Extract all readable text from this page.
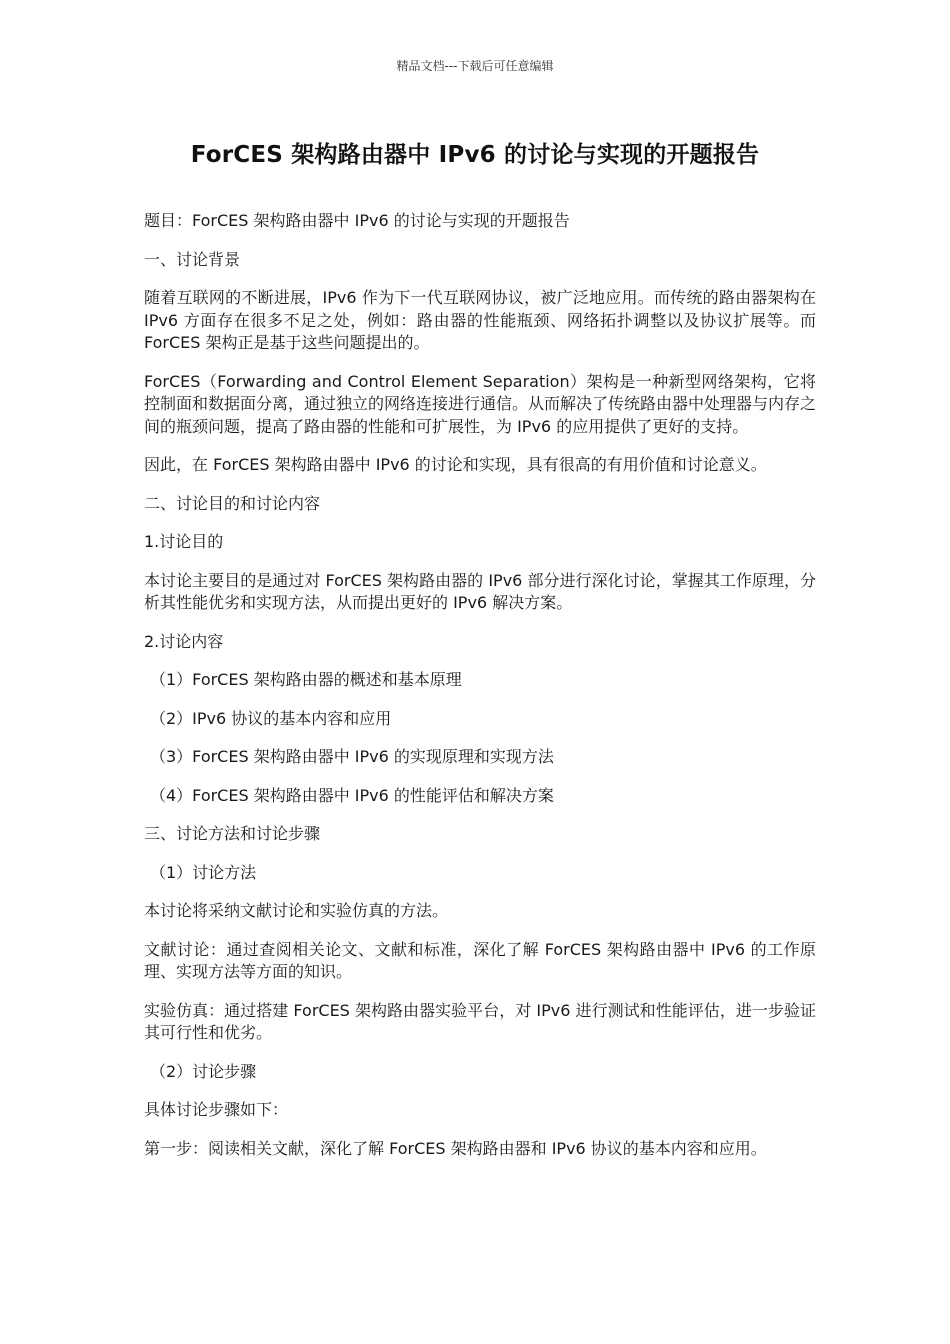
精品文档---下载后可任意编辑
ForCES 架构路由器中 IPv6 的讨论与实现的开题报告

题目：ForCES 架构路由器中 IPv6 的讨论与实现的开题报告

一、讨论背景

随着互联网的不断进展，IPv6 作为下一代互联网协议，被广泛地应用。而传统的路由器架构在 IPv6 方面存在很多不足之处，例如：路由器的性能瓶颈、网络拓扑调整以及协议扩展等。而 ForCES 架构正是基于这些问题提出的。

ForCES（Forwarding and Control Element Separation）架构是一种新型网络架构，它将控制面和数据面分离，通过独立的网络连接进行通信。从而解决了传统路由器中处理器与内存之间的瓶颈问题，提高了路由器的性能和可扩展性，为 IPv6 的应用提供了更好的支持。

因此，在 ForCES 架构路由器中 IPv6 的讨论和实现，具有很高的有用价值和讨论意义。

二、讨论目的和讨论内容

1.讨论目的

本讨论主要目的是通过对 ForCES 架构路由器的 IPv6 部分进行深化讨论，掌握其工作原理，分析其性能优劣和实现方法，从而提出更好的 IPv6 解决方案。

2.讨论内容

（1）ForCES 架构路由器的概述和基本原理

（2）IPv6 协议的基本内容和应用

（3）ForCES 架构路由器中 IPv6 的实现原理和实现方法

（4）ForCES 架构路由器中 IPv6 的性能评估和解决方案

三、讨论方法和讨论步骤

（1）讨论方法

本讨论将采纳文献讨论和实验仿真的方法。

文献讨论：通过查阅相关论文、文献和标准，深化了解 ForCES 架构路由器中 IPv6 的工作原理、实现方法等方面的知识。

实验仿真：通过搭建 ForCES 架构路由器实验平台，对 IPv6 进行测试和性能评估，进一步验证其可行性和优劣。

（2）讨论步骤

具体讨论步骤如下：

第一步：阅读相关文献，深化了解 ForCES 架构路由器和 IPv6 协议的基本内容和应用。
